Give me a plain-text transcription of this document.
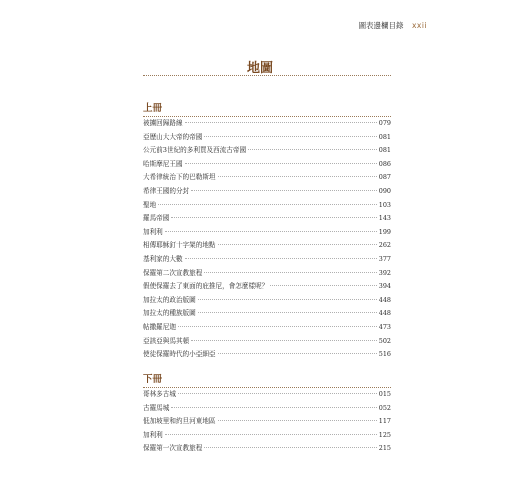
圖表邊欄目錄 xxii
地圖
上冊
被擄回歸路線	079
亞歷山大大帝的帝國	081
公元前3世紀的多利買及西流古帝國	081
哈斯摩尼王國	086
大希律統治下的巴勒斯坦	087
希律王國的分封	090
聖地	103
羅馬帝國	143
加利利	199
相傳耶穌釘十字架的地點	262
基利家的大數	377
保羅第二次宣教旅程	392
假使保羅去了東面的庇推尼，會怎麼樣呢？	394
加拉太的政治版圖	448
加拉太的種族版圖	448
帖撒羅尼迦	473
亞該亞與馬其頓	502
使徒保羅時代的小亞細亞	516
下冊
哥林多古城	015
古羅馬城	052
低加坡里和約旦河東地區	117
加利利	125
保羅第一次宣教旅程	215
